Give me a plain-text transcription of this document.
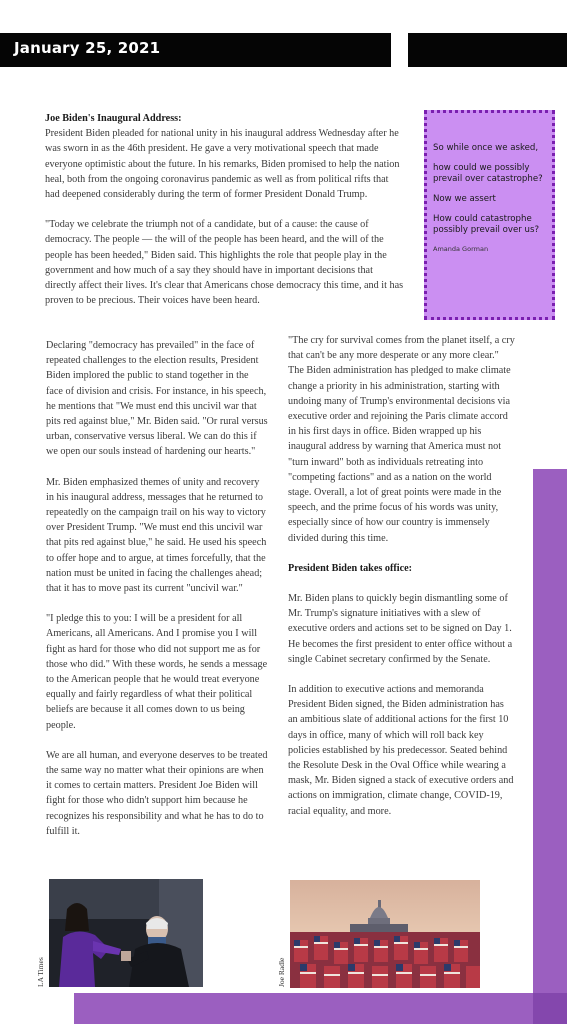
January 25, 2021

Joe Biden's Inaugural Address:
President Biden pleaded for national unity in his inaugural address Wednesday after he was sworn in as the 46th president. He gave a very motivational speech that made everyone optimistic about the future. In his remarks, Biden promised to help the nation heal, both from the ongoing coronavirus pandemic as well as from political rifts that had deepened considerably during the term of former President Donald Trump.

"Today we celebrate the triumph not of a candidate, but of a cause: the cause of democracy. The people — the will of the people has been heard, and the will of the people has been heeded," Biden said. This highlights the role that people play in the government and how much of a say they should have in important decisions that directly affect their lives. It's clear that Americans chose democracy this time, and it has proven to be precious. Their voices have been heard.

So while once we asked,
how could we possibly prevail over catastrophe?
Now we assert
How could catastrophe possibly prevail over us?
Amanda Gorman

Declaring "democracy has prevailed" in the face of repeated challenges to the election results, President Biden implored the public to stand together in the face of division and crisis. For instance, in his speech, he mentions that "We must end this uncivil war that pits red against blue," Mr. Biden said. "Or rural versus urban, conservative versus liberal. We can do this if we open our souls instead of hardening our hearts."

Mr. Biden emphasized themes of unity and recovery in his inaugural address, messages that he returned to repeatedly on the campaign trail on his way to victory over President Trump. "We must end this uncivil war that pits red against blue," he said. He used his speech to offer hope and to argue, at times forcefully, that the nation must be united in facing the challenges ahead; that it has to move past its current "uncivil war."

"I pledge this to you: I will be a president for all Americans, all Americans. And I promise you I will fight as hard for those who did not support me as for those who did." With these words, he sends a message to the American people that he would treat everyone equally and fairly regardless of what their political beliefs are because it all comes down to us being people.

We are all human, and everyone deserves to be treated the same way no matter what their opinions are when it comes to certain matters. President Joe Biden will fight for those who didn't support him because he recognizes his responsibility and what he has to do to fulfill it.

"The cry for survival comes from the planet itself, a cry that can't be any more desperate or any more clear." The Biden administration has pledged to make climate change a priority in his administration, starting with undoing many of Trump's environmental decisions via executive order and rejoining the Paris climate accord in his first days in office. Biden wrapped up his inaugural address by warning that America must not "turn inward" both as individuals retreating into "competing factions" and as a nation on the world stage. Overall, a lot of great points were made in the speech, and the prime focus of his words was unity, especially since of how our country is immensely divided during this time.

President Biden takes office:

Mr. Biden plans to quickly begin dismantling some of Mr. Trump's signature initiatives with a slew of executive orders and actions set to be signed on Day 1. He becomes the first president to enter office without a single Cabinet secretary confirmed by the Senate.

In addition to executive actions and memoranda President Biden signed, the Biden administration has an ambitious slate of additional actions for the first 10 days in office, many of which will roll back key policies established by his predecessor. Seated behind the Resolute Desk in the Oval Office while wearing a mask, Mr. Biden signed a stack of executive orders and actions on immigration, climate change, COVID-19, racial equality, and more.

LA Times	Joe Radle
